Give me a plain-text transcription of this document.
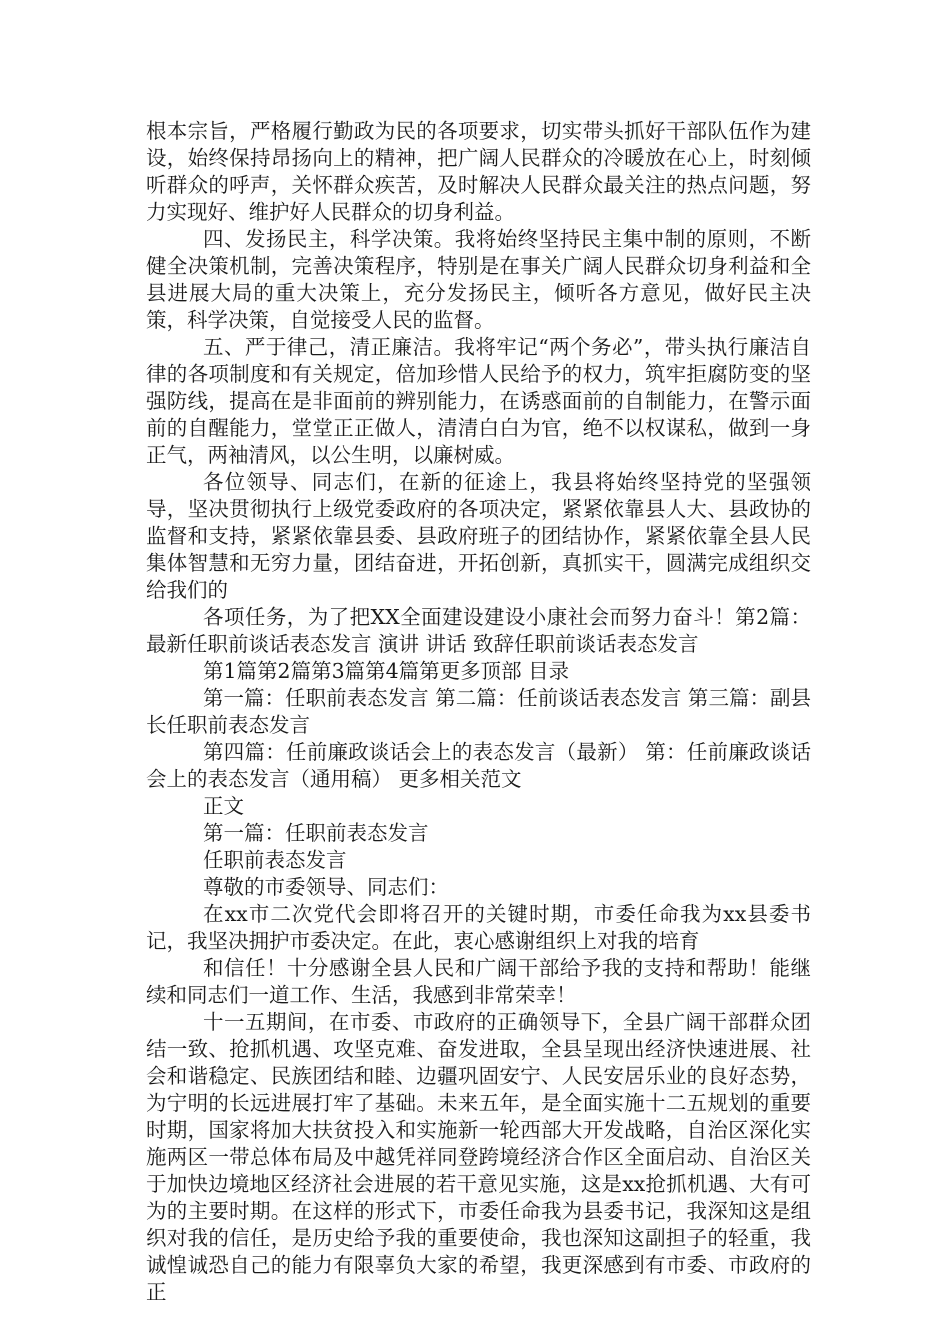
根本宗旨，严格履行勤政为民的各项要求，切实带头抓好干部队伍作为建设，始终保持昂扬向上的精神，把广阔人民群众的冷暖放在心上，时刻倾听群众的呼声，关怀群众疾苦，及时解决人民群众最关注的热点问题，努力实现好、维护好人民群众的切身利益。

四、发扬民主，科学决策。我将始终坚持民主集中制的原则，不断健全决策机制，完善决策程序，特别是在事关广阔人民群众切身利益和全县进展大局的重大决策上，充分发扬民主，倾听各方意见，做好民主决策，科学决策，自觉接受人民的监督。

五、严于律己，清正廉洁。我将牢记“两个务必”，带头执行廉洁自律的各项制度和有关规定，倍加珍惜人民给予的权力，筑牢拒腐防变的坚强防线，提高在是非面前的辨别能力，在诱惑面前的自制能力，在警示面前的自醒能力，堂堂正正做人，清清白白为官，绝不以权谋私，做到一身正气，两袖清风，以公生明，以廉树威。

各位领导、同志们，在新的征途上，我县将始终坚持党的坚强领导，坚决贯彻执行上级党委政府的各项决定，紧紧依靠县人大、县政协的监督和支持，紧紧依靠县委、县政府班子的团结协作，紧紧依靠全县人民集体智慧和无穷力量，团结奋进，开拓创新，真抓实干，圆满完成组织交给我们的

各项任务，为了把XX全面建设建设小康社会而努力奋斗！第2篇：最新任职前谈话表态发言 演讲 讲话 致辞任职前谈话表态发言

第1篇第2篇第3篇第4篇第更多顶部 目录

第一篇：任职前表态发言 第二篇：任前谈话表态发言 第三篇：副县长任职前表态发言

第四篇：任前廉政谈话会上的表态发言（最新） 第：任前廉政谈话会上的表态发言（通用稿） 更多相关范文

正文

第一篇：任职前表态发言

任职前表态发言

尊敬的市委领导、同志们：

在xx市二次党代会即将召开的关键时期，市委任命我为xx县委书记，我坚决拥护市委决定。在此，衷心感谢组织上对我的培育

和信任！十分感谢全县人民和广阔干部给予我的支持和帮助！能继续和同志们一道工作、生活，我感到非常荣幸！

十一五期间，在市委、市政府的正确领导下，全县广阔干部群众团结一致、抢抓机遇、攻坚克难、奋发进取，全县呈现出经济快速进展、社会和谐稳定、民族团结和睦、边疆巩固安宁、人民安居乐业的良好态势，为宁明的长远进展打牢了基础。未来五年，是全面实施十二五规划的重要时期，国家将加大扶贫投入和实施新一轮西部大开发战略，自治区深化实施两区一带总体布局及中越凭祥同登跨境经济合作区全面启动、自治区关于加快边境地区经济社会进展的若干意见实施，这是xx抢抓机遇、大有可为的主要时期。在这样的形式下，市委任命我为县委书记，我深知这是组织对我的信任，是历史给予我的重要使命，我也深知这副担子的轻重，我诚惶诚恐自己的能力有限辜负大家的希望，我更深感到有市委、市政府的正
